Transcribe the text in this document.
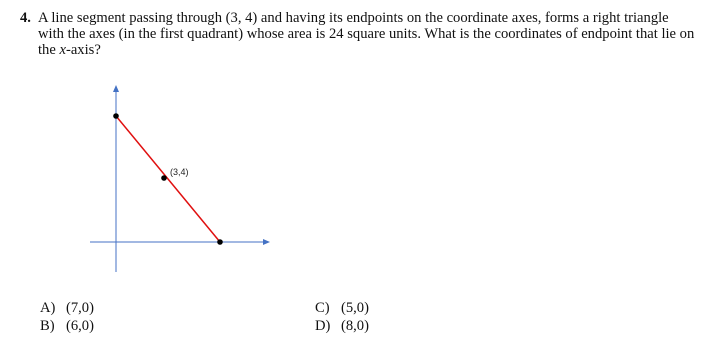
4. A line segment passing through (3, 4) and having its endpoints on the coordinate axes, forms a right triangle with the axes (in the first quadrant) whose area is 24 square units. What is the coordinates of endpoint that lie on the x-axis?
(3,4)
A) (7,0)
B) (6,0)
C) (5,0)
D) (8,0)
